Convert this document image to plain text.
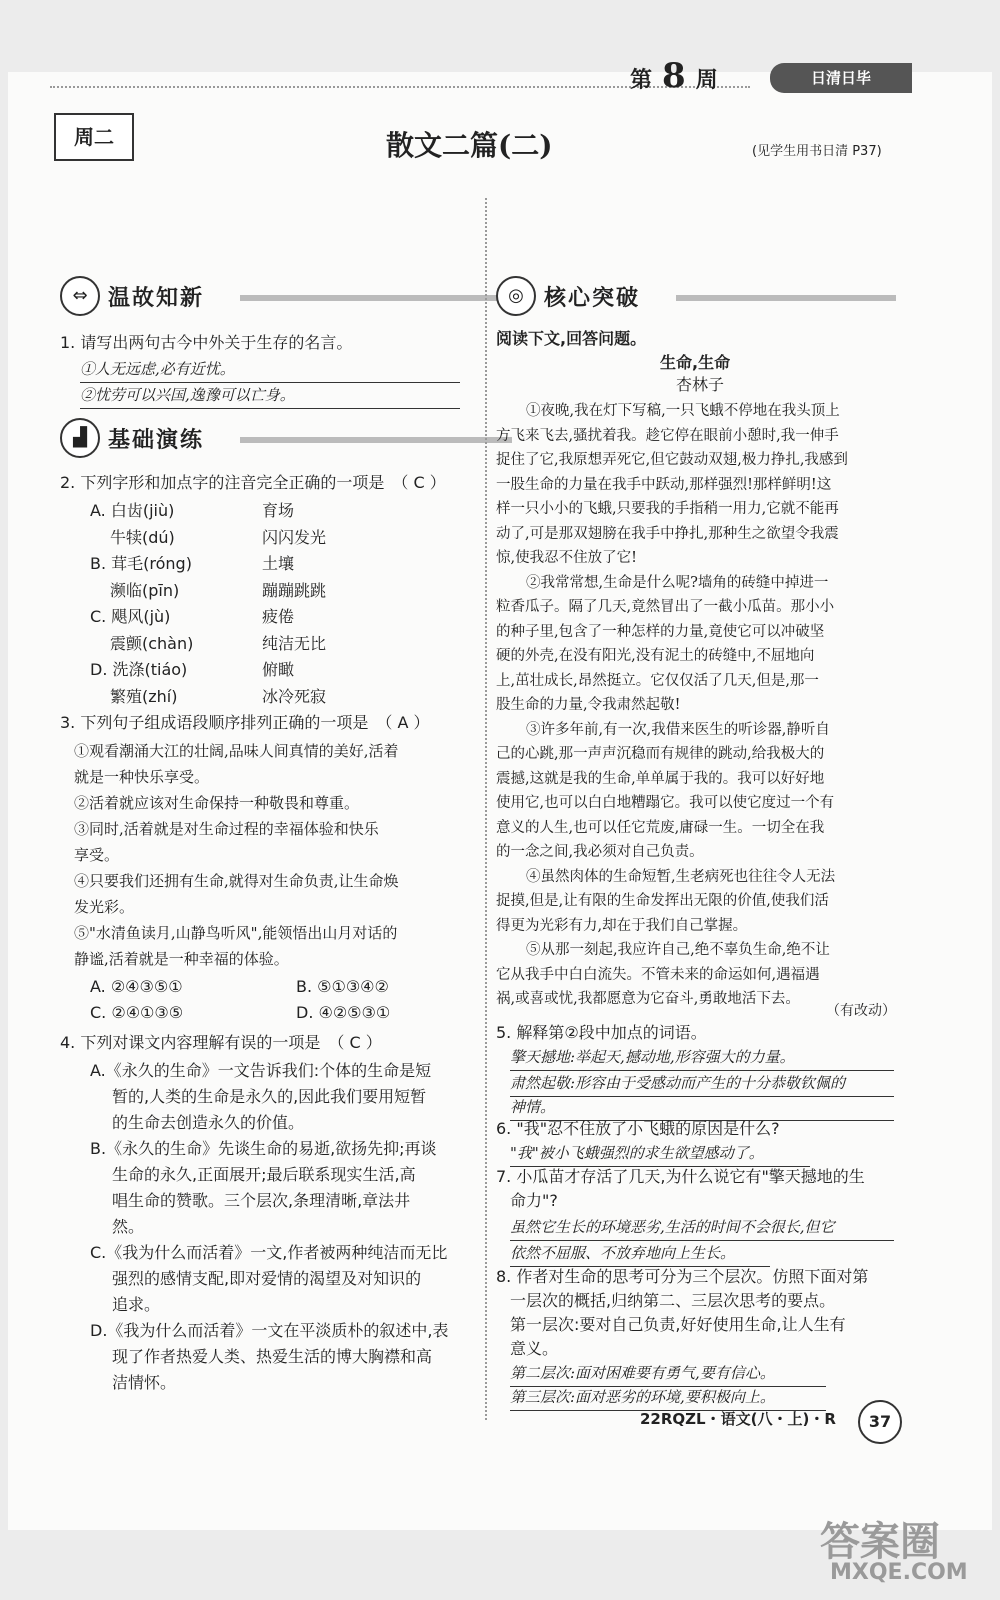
第 8 周	日清日毕
周二	散文二篇(二)	(见学生用书日清 P37)
⇔ 温故知新
1. 请写出两句古今中外关于生存的名言。
①人无远虑,必有近忧。
②忧劳可以兴国,逸豫可以亡身。
▟ 基础演练
2. 下列字形和加点字的注音完全正确的一项是　（ C ）
A. 白齿(jiù)	育场
牛犊(dú)	闪闪发光
B. 茸毛(róng)	土壤
濒临(pīn)	蹦蹦跳跳
C. 飓风(jù)	疲倦
震颤(chàn)	纯洁无比
D. 洗涤(tiáo)	俯瞰
繁殖(zhí)	冰冷死寂
3. 下列句子组成语段顺序排列正确的一项是　（ A ）
①观看潮涌大江的壮阔,品味人间真情的美好,活着
就是一种快乐享受。
②活着就应该对生命保持一种敬畏和尊重。
③同时,活着就是对生命过程的幸福体验和快乐
享受。
④只要我们还拥有生命,就得对生命负责,让生命焕
发光彩。
⑤"水清鱼读月,山静鸟听风",能领悟出山月对话的
静谧,活着就是一种幸福的体验。
A. ②④③⑤①	B. ⑤①③④②
C. ②④①③⑤	D. ④②⑤③①
4. 下列对课文内容理解有误的一项是　（ C ）
A.《永久的生命》一文告诉我们:个体的生命是短
暂的,人类的生命是永久的,因此我们要用短暂
的生命去创造永久的价值。
B.《永久的生命》先谈生命的易逝,欲扬先抑;再谈
生命的永久,正面展开;最后联系现实生活,高
唱生命的赞歌。三个层次,条理清晰,章法井
然。
C.《我为什么而活着》一文,作者被两种纯洁而无比
强烈的感情支配,即对爱情的渴望及对知识的
追求。
D.《我为什么而活着》一文在平淡质朴的叙述中,表
现了作者热爱人类、热爱生活的博大胸襟和高
洁情怀。
◎ 核心突破
阅读下文,回答问题。
生命,生命
杏林子
①夜晚,我在灯下写稿,一只飞蛾不停地在我头顶上
方飞来飞去,骚扰着我。趁它停在眼前小憩时,我一伸手
捉住了它,我原想弄死它,但它鼓动双翅,极力挣扎,我感到
一股生命的力量在我手中跃动,那样强烈!那样鲜明!这
样一只小小的飞蛾,只要我的手指稍一用力,它就不能再
动了,可是那双翅膀在我手中挣扎,那种生之欲望令我震
惊,使我忍不住放了它!
②我常常想,生命是什么呢?墙角的砖缝中掉进一
粒香瓜子。隔了几天,竟然冒出了一截小瓜苗。那小小
的种子里,包含了一种怎样的力量,竟使它可以冲破坚
硬的外壳,在没有阳光,没有泥土的砖缝中,不屈地向
上,茁壮成长,昂然挺立。它仅仅活了几天,但是,那一
股生命的力量,令我肃然起敬!
③许多年前,有一次,我借来医生的听诊器,静听自
己的心跳,那一声声沉稳而有规律的跳动,给我极大的
震撼,这就是我的生命,单单属于我的。我可以好好地
使用它,也可以白白地糟蹋它。我可以使它度过一个有
意义的人生,也可以任它荒废,庸碌一生。一切全在我
的一念之间,我必须对自己负责。
④虽然肉体的生命短暂,生老病死也往往令人无法
捉摸,但是,让有限的生命发挥出无限的价值,使我们活
得更为光彩有力,却在于我们自己掌握。
⑤从那一刻起,我应许自己,绝不辜负生命,绝不让
它从我手中白白流失。不管未来的命运如何,遇福遇
祸,或喜或忧,我都愿意为它奋斗,勇敢地活下去。
（有改动）
5. 解释第②段中加点的词语。
擎天撼地:举起天,撼动地,形容强大的力量。
肃然起敬:形容由于受感动而产生的十分恭敬钦佩的
神情。
6. "我"忍不住放了小飞蛾的原因是什么?
"我"被小飞蛾强烈的求生欲望感动了。
7. 小瓜苗才存活了几天,为什么说它有"擎天撼地的生
命力"?
虽然它生长的环境恶劣,生活的时间不会很长,但它
依然不屈服、不放弃地向上生长。
8. 作者对生命的思考可分为三个层次。仿照下面对第
一层次的概括,归纳第二、三层次思考的要点。
第一层次:要对自己负责,好好使用生命,让人生有
意义。
第二层次:面对困难要有勇气,要有信心。
第三层次:面对恶劣的环境,要积极向上。
22RQZL・语文(八・上)・R	37
答案圈
MXQE.COM
